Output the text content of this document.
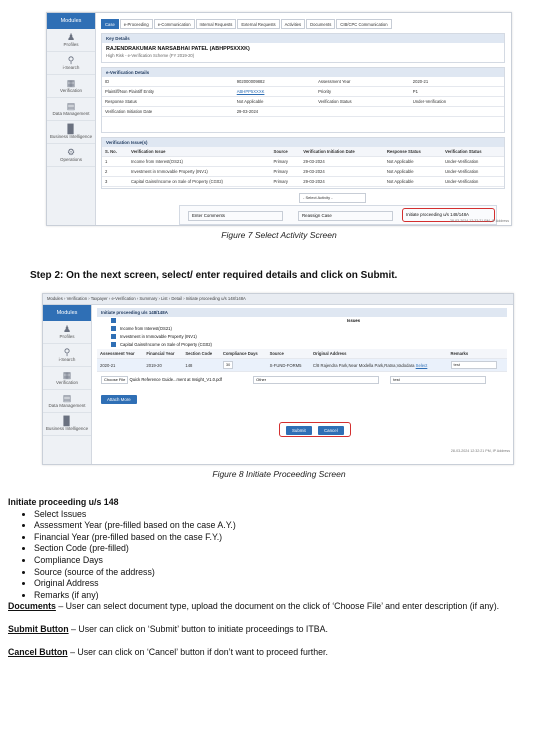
Modules
♟
Profiles
⚲
i-Search
▦
Verification
▤
Data Management
▉
Business Intelligence
⚙
Operations
Case	e-Proceeding	e-Communication	Internal Requests	External Requests	Activities	Documents	CIB/CPC Communication
Key Details
RAJENDRAKUMAR NARSABHAI PATEL (ABHPP5XXXK)
High Risk - e-Verification Scheme (FY 2019-20)
e-Verification Details
ID	902000009882	Assessment Year	2020-21
Plaintiff/Non Plaintiff Entity	ABHPP5XXXK	Priority	P1
Response Status	Not Applicable	Verification Status	Under-Verification
Verification Initiation Date	29-03-2024		
Verification Issue(s)
S. No.	Verification Issue	Source	Verification Initiation Date	Response Status	Verification Status
1	Income from Interest(OS21)	Primary	29-03-2024	Not Applicable	Under-Verification
2	Investment in Immovable Property (INV1)	Primary	29-03-2024	Not Applicable	Under-Verification
3	Capital Gains/Income on Sale of Property (CG02)	Primary	29-03-2024	Not Applicable	Under-Verification
- Select Activity -
Enter Comments	Reassign Case	Initiate proceeding u/s 148/148A
28-03-2024 12:32:21 PM, IP Address
Figure 7 Select Activity Screen
Step 2: On the next screen, select/ enter required details and click on Submit.
Modules › Verification › Taxpayer › e-Verification › Summary › List › Detail › Initiate proceeding u/s 148/148A
Modules
♟
Profiles
⚲
i-Search
▦
Verification
▤
Data Management
▉
Business Intelligence
Initiate proceeding u/s 148/148A
Issues
Income from Interest(OS21)
Investment in Immovable Property (INV1)
Capital Gains/Income on Sale of Property (CG02)
Assessment Year	Financial Year	Section Code	Compliance Days	Source	Original Address	Remarks
2020-21	2019-20	148	30	S-FUND-FORM5	C/8 Rajendra Park,Near Modella Park,Ratna,Vadodara Select	test
Choose File Quick Reference Guide...ment at Insight_V1.0.pdf	Other	test
Attach More
Submit	Cancel
28-03-2024 12:32:21 PM, IP Address
Figure 8 Initiate Proceeding Screen

Initiate proceeding u/s 148

• Select Issues
• Assessment Year (pre-filled based on the case A.Y.)
• Financial Year (pre-filled based on the case F.Y.)
• Section Code (pre-filled)
• Compliance Days
• Source (source of the address)
• Original Address
• Remarks (if any)

Documents – User can select document type, upload the document on the click of ‘Choose File’ and enter description (if any).

Submit Button – User can click on ‘Submit’ button to initiate proceedings to ITBA.

Cancel Button – User can click on ‘Cancel’ button if don’t want to proceed further.
